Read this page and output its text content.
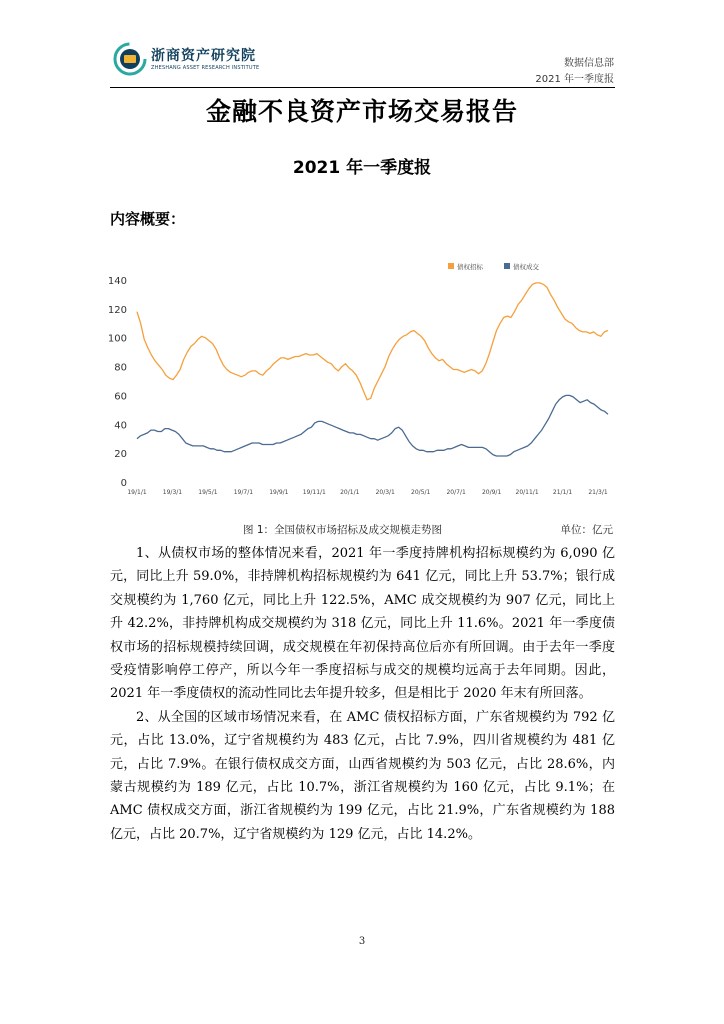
浙商资产研究院
ZHESHANG ASSET RESEARCH INSTITUTE	数据信息部
2021 年一季度报
金融不良资产市场交易报告
2021 年一季度报
内容概要：
0
20
40
60
80
100
120
140
19/1/1	19/3/1	19/5/1	19/7/1	19/9/1 19/11/1 20/1/1	20/3/1	20/5/1	20/7/1	20/9/1 20/11/1 21/1/1	21/3/1
债权招标	债权成交
图 1：全国债权市场招标及成交规模走势图	单位：亿元

1、从债权市场的整体情况来看，2021 年一季度持牌机构招标规模约为 6,090 亿元，同比上升 59.0%，非持牌机构招标规模约为 641 亿元，同比上升 53.7%；银行成交规模约为 1,760 亿元，同比上升 122.5%，AMC 成交规模约为 907 亿元，同比上升 42.2%，非持牌机构成交规模约为 318 亿元，同比上升 11.6%。2021 年一季度债权市场的招标规模持续回调，成交规模在年初保持高位后亦有所回调。由于去年一季度受疫情影响停工停产，所以今年一季度招标与成交的规模均远高于去年同期。因此，2021 年一季度债权的流动性同比去年提升较多，但是相比于 2020 年末有所回落。

2、从全国的区域市场情况来看，在 AMC 债权招标方面，广东省规模约为 792 亿元，占比 13.0%，辽宁省规模约为 483 亿元，占比 7.9%，四川省规模约为 481 亿元，占比 7.9%。在银行债权成交方面，山西省规模约为 503 亿元，占比 28.6%，内蒙古规模约为 189 亿元，占比 10.7%，浙江省规模约为 160 亿元，占比 9.1%；在 AMC 债权成交方面，浙江省规模约为 199 亿元，占比 21.9%，广东省规模约为 188 亿元，占比 20.7%，辽宁省规模约为 129 亿元，占比 14.2%。

3
